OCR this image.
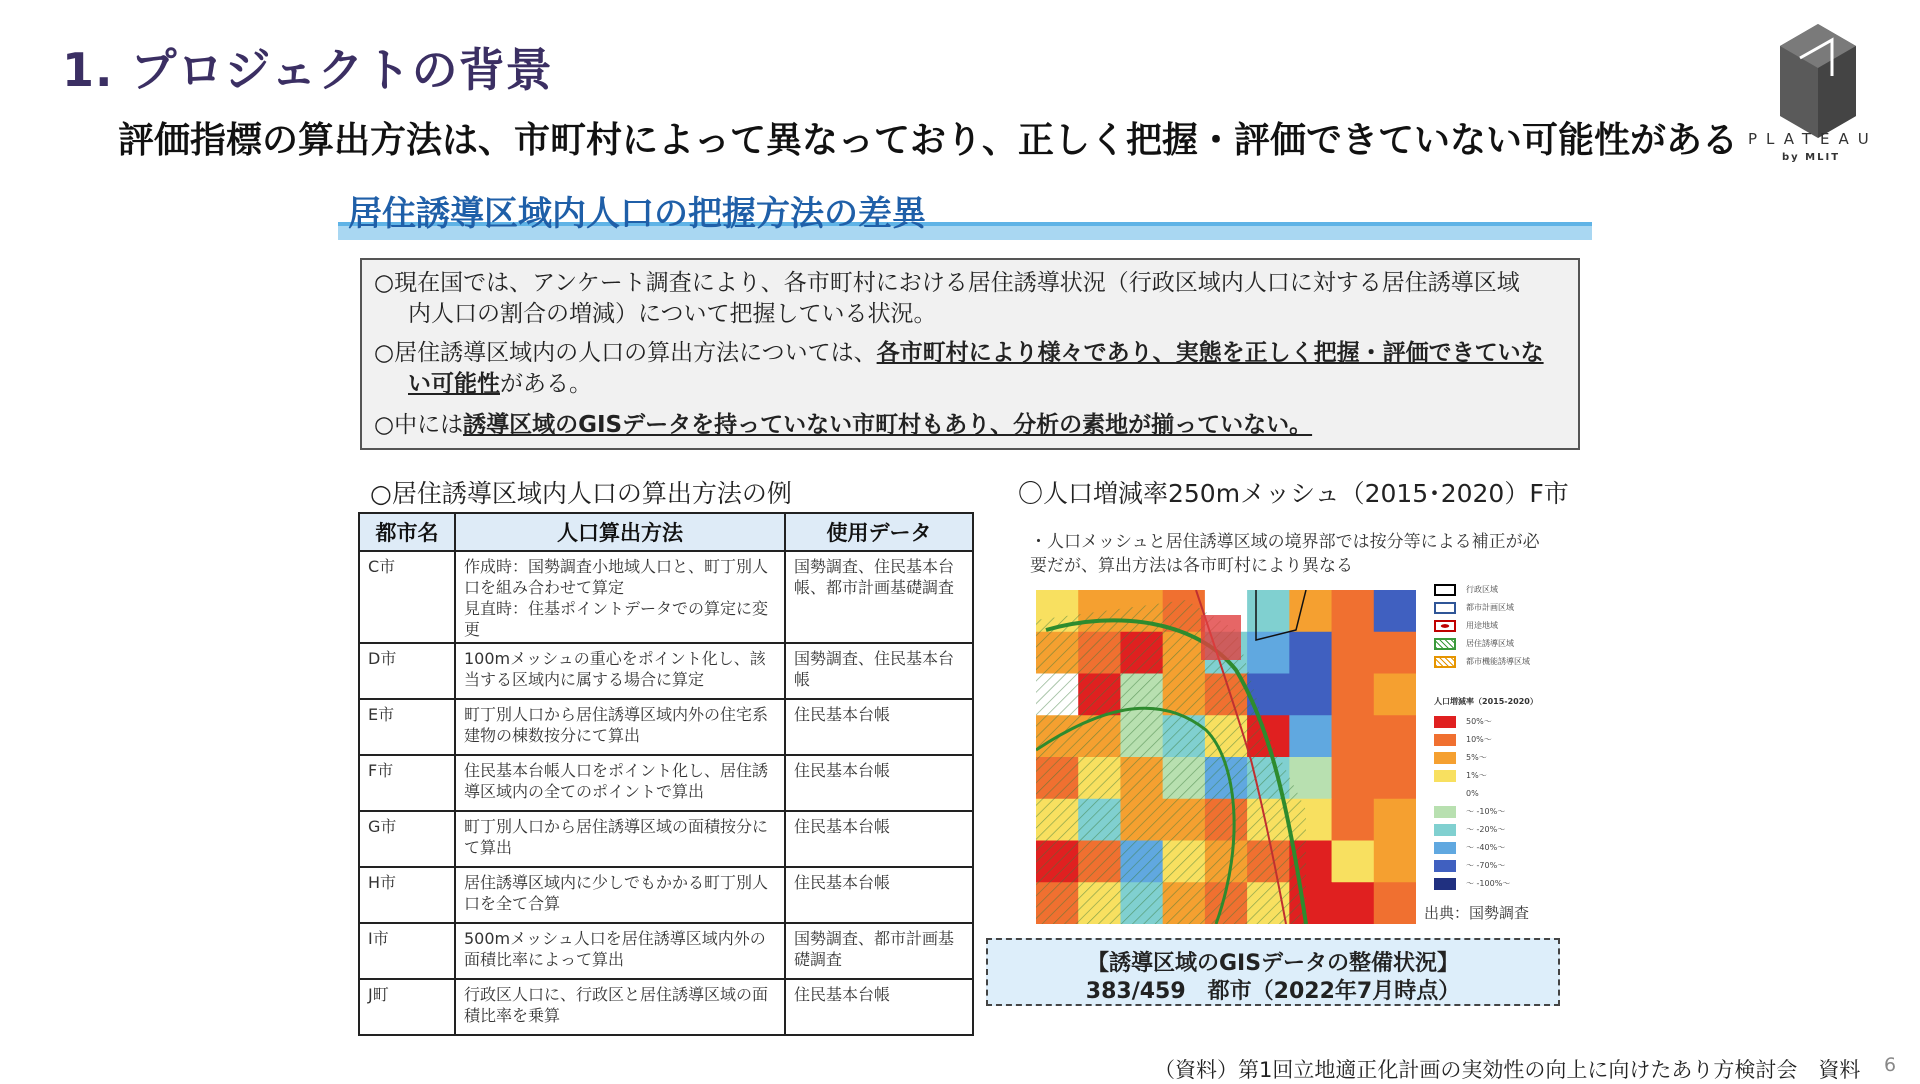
1. プロジェクトの背景
評価指標の算出方法は、市町村によって異なっており、正しく把握・評価できていない可能性がある PLATEAU
by MLIT
居住誘導区域内人口の把握方法の差異
○現在国では、アンケート調査により、各市町村における居住誘導状況（行政区域内人口に対する居住誘導区域
内人口の割合の増減）について把握している状況。
○居住誘導区域内の人口の算出方法については、各市町村により様々であり、実態を正しく把握・評価できていな
い可能性がある。
○中には誘導区域のGISデータを持っていない市町村もあり、分析の素地が揃っていない。
○居住誘導区域内人口の算出方法の例
都市名	人口算出方法	使用データ
C市	作成時：国勢調査小地域人口と、町丁別人口を組み合わせて算定
見直時：住基ポイントデータでの算定に変更	国勢調査、住民基本台帳、都市計画基礎調査
D市	100mメッシュの重心をポイント化し、該当する区域内に属する場合に算定	国勢調査、住民基本台帳
E市	町丁別人口から居住誘導区域内外の住宅系建物の棟数按分にて算出	住民基本台帳
F市	住民基本台帳人口をポイント化し、居住誘導区域内の全てのポイントで算出	住民基本台帳
G市	町丁別人口から居住誘導区域の面積按分にて算出	住民基本台帳
H市	居住誘導区域内に少しでもかかる町丁別人口を全て合算	住民基本台帳
I市	500mメッシュ人口を居住誘導区域内外の面積比率によって算出	国勢調査、都市計画基礎調査
J町	行政区人口に、行政区と居住誘導区域の面積比率を乗算	住民基本台帳
〇人口増減率250mメッシュ（2015･2020）F市
・人口メッシュと居住誘導区域の境界部では按分等による補正が必要だが、算出方法は各市町村により異なる
行政区域
都市計画区域
用途地域
居住誘導区域
都市機能誘導区域
人口増減率（2015-2020）
50%～
10%～
5%～
1%～
0%
～ -10%～
～ -20%～
～ -40%～
～ -70%～
～ -100%～
出典：国勢調査
【誘導区域のGISデータの整備状況】
383/459　都市（2022年7月時点）
（資料）第1回立地適正化計画の実効性の向上に向けたあり方検討会　資料 6
